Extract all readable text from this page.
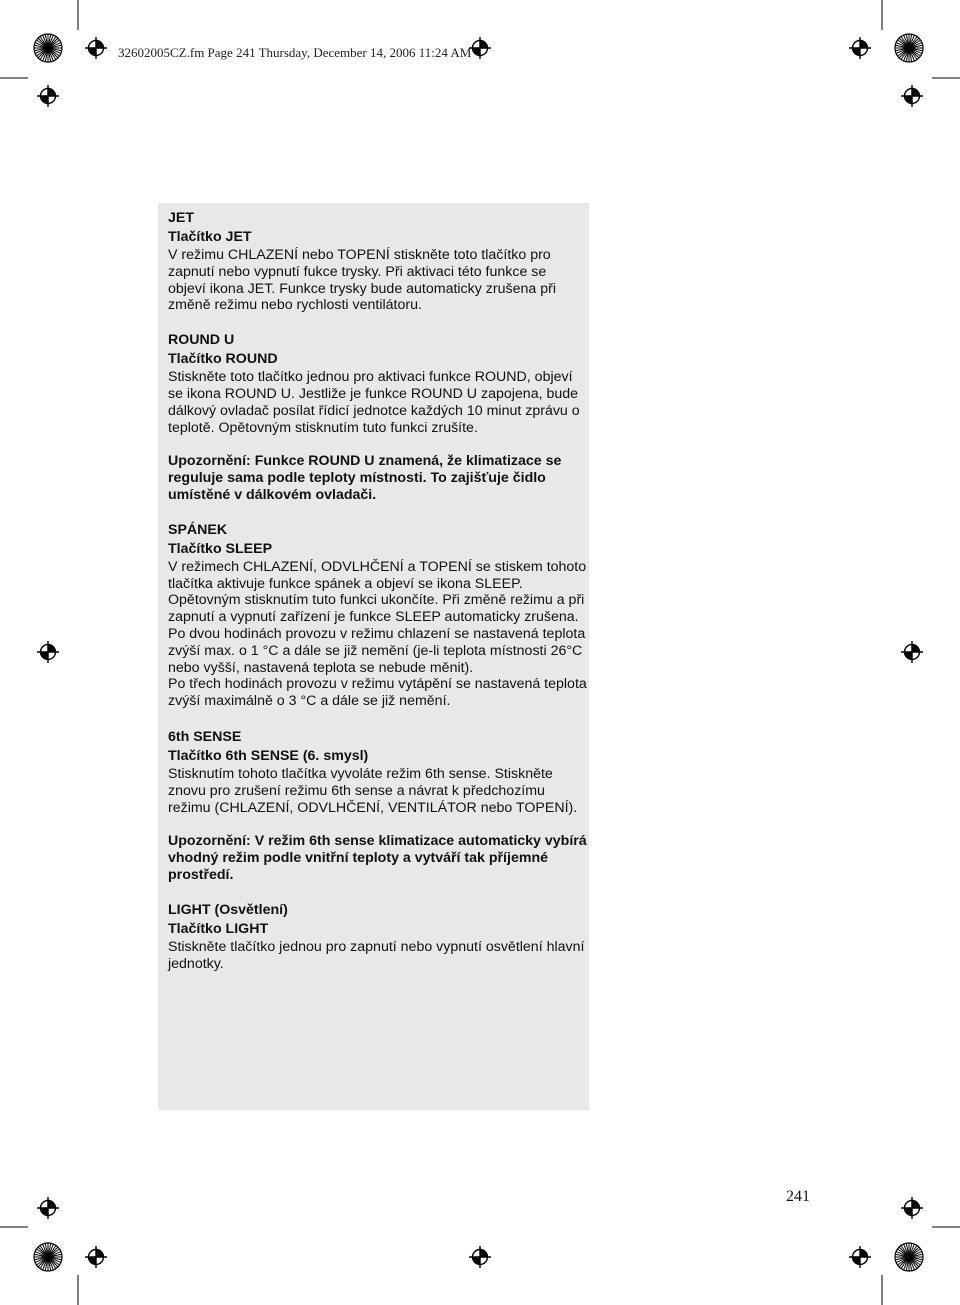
32602005CZ.fm Page 241 Thursday, December 14, 2006 11:24 AM

JET

Tlačítko JET

V režimu CHLAZENÍ nebo TOPENÍ stiskněte toto tlačítko pro zapnutí nebo vypnutí fukce trysky. Při aktivaci této funkce se objeví ikona JET. Funkce trysky bude automaticky zrušena při změně režimu nebo rychlosti ventilátoru.

ROUND U

Tlačítko ROUND

Stiskněte toto tlačítko jednou pro aktivaci funkce ROUND, objeví se ikona ROUND U. Jestliže je funkce ROUND U zapojena, bude dálkový ovladač posílat řídicí jednotce každých 10 minut zprávu o teplotě. Opětovným stisknutím tuto funkci zrušíte.

Upozornění: Funkce ROUND U znamená, že klimatizace se reguluje sama podle teploty místnosti. To zajišťuje čidlo umístěné v dálkovém ovladači.

SPÁNEK

Tlačítko SLEEP

V režimech CHLAZENÍ, ODVLHČENÍ a TOPENÍ se stiskem tohoto tlačítka aktivuje funkce spánek a objeví se ikona SLEEP. Opětovným stisknutím tuto funkci ukončíte. Při změně režimu a při zapnutí a vypnutí zařízení je funkce SLEEP automaticky zrušena.

Po dvou hodinách provozu v režimu chlazení se nastavená teplota zvýší max. o 1 °C a dále se již nemění (je-li teplota místnosti 26°C nebo vyšší, nastavená teplota se nebude měnit).

Po třech hodinách provozu v režimu vytápění se nastavená teplota zvýší maximálně o 3 °C a dále se již nemění.

6th SENSE

Tlačítko 6th SENSE (6. smysl)

Stisknutím tohoto tlačítka vyvoláte režim 6th sense. Stiskněte znovu pro zrušení režimu 6th sense a návrat k předchozímu režimu (CHLAZENÍ, ODVLHČENÍ, VENTILÁTOR nebo TOPENÍ).

Upozornění: V režim 6th sense klimatizace automaticky vybírá vhodný režim podle vnitřní teploty a vytváří tak příjemné prostředí.

LIGHT (Osvětlení)

Tlačítko LIGHT

Stiskněte tlačítko jednou pro zapnutí nebo vypnutí osvětlení hlavní jednotky.

241
